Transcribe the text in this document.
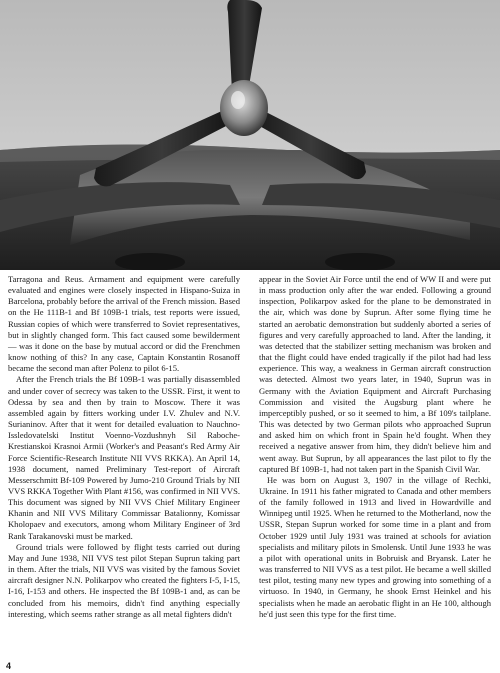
Tarragona and Reus. Armament and equipment were carefully evaluated and engines were closely inspected in Hispano-Suiza in Barcelona, probably before the arrival of the French mission. Based on the He 111B-1 and Bf 109B-1 trials, test reports were issued, Russian copies of which were transferred to Soviet representatives, but in slightly changed form. This fact caused some bewilderment — was it done on the base by mutual accord or did the Frenchmen know nothing of this? In any case, Captain Konstantin Rosanoff became the second man after Polenz to pilot 6-15.

After the French trials the Bf 109B-1 was partially disassembled and under cover of secrecy was taken to the USSR. First, it went to Odessa by sea and then by train to Moscow. There it was assembled again by fitters working under I.V. Zhulev and N.V. Surianinov. After that it went for detailed evaluation to Nauchno-Issledovatelski Institut Voenno-Vozdushnyh Sil Raboche-Krestianskoi Krasnoi Armii (Worker's and Peasant's Red Army Air Force Scientific-Research Institute NII VVS RKKA). An April 14, 1938 document, named Preliminary Test-report of Aircraft Messerschmitt Bf-109 Powered by Jumo-210 Ground Trials by NII VVS RKKA Together With Plant #156, was confirmed in NII VVS. This document was signed by NII VVS Chief Military Engineer Khanin and NII VVS Military Commissar Batalionny, Komissar Kholopaev and executors, among whom Military Engineer of 3rd Rank Tarakanovski must be marked.

Ground trials were followed by flight tests carried out during May and June 1938, NII VVS test pilot Stepan Suprun taking part in them. After the trials, NII VVS was visited by the famous Soviet aircraft designer N.N. Polikarpov who created the fighters I-5, I-15, I-16, I-153 and others. He inspected the Bf 109B-1 and, as can be concluded from his memoirs, didn't find anything especially interesting, which seems rather strange as all metal fighters didn't

appear in the Soviet Air Force until the end of WW II and were put in mass production only after the war ended. Following a ground inspection, Polikarpov asked for the plane to be demonstrated in the air, which was done by Suprun. After some flying time he started an aerobatic demonstration but suddenly aborted a series of figures and very carefully approached to land. After the landing, it was detected that the stabilizer setting mechanism was broken and that the flight could have ended tragically if the pilot had had less experience. This way, a weakness in German aircraft construction was detected. Almost two years later, in 1940, Suprun was in Germany with the Aviation Equipment and Aircraft Purchasing Commission and visited the Augsburg plant where he imperceptibly pushed, or so it seemed to him, a Bf 109's tailplane. This was detected by two German pilots who approached Suprun and asked him on which front in Spain he'd fought. When they received a negative answer from him, they didn't believe him and went away. But Suprun, by all appearances the last pilot to fly the captured Bf 109B-1, had not taken part in the Spanish Civil War.

He was born on August 3, 1907 in the village of Rechki, Ukraine. In 1911 his father migrated to Canada and other members of the family followed in 1913 and lived in Howardville and Winnipeg until 1925. When he returned to the Motherland, now the USSR, Stepan Suprun worked for some time in a plant and from October 1929 until July 1931 was trained at schools for aviation specialists and military pilots in Smolensk. Until June 1933 he was a pilot with operational units in Bobruisk and Bryansk. Later he was transferred to NII VVS as a test pilot. He became a well skilled test pilot, testing many new types and growing into something of a virtuoso. In 1940, in Germany, he shook Ernst Heinkel and his specialists when he made an aerobatic flight in an He 100, although he'd just seen this type for the first time.

4
